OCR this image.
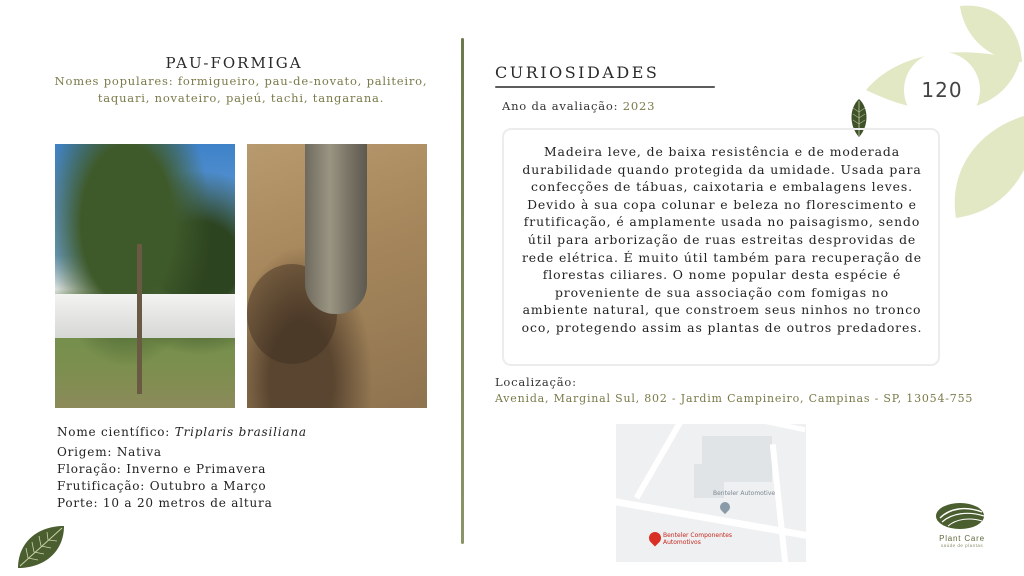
120
PAU-FORMIGA
Nomes populares: formigueiro, pau-de-novato, paliteiro, taquari, novateiro, pajeú, tachi, tangarana.
Nome científico: Triplaris brasiliana
Origem: Nativa
Floração: Inverno e Primavera
Frutificação: Outubro a Março
Porte: 10 a 20 metros de altura
CURIOSIDADES
Ano da avaliação: 2023
Madeira leve, de baixa resistência e de moderada durabilidade quando protegida da umidade. Usada para confecções de tábuas, caixotaria e embalagens leves. Devido à sua copa colunar e beleza no florescimento e frutificação, é amplamente usada no paisagismo, sendo útil para arborização de ruas estreitas desprovidas de rede elétrica. É muito útil também para recuperação de florestas ciliares. O nome popular desta espécie é proveniente de sua associação com fomigas no ambiente natural, que constroem seus ninhos no tronco oco, protegendo assim as plantas de outros predadores.
Localização:
Avenida, Marginal Sul, 802 - Jardim Campineiro, Campinas - SP, 13054-755
Benteler Automotive
Benteler Componentes Automotivos	Plant Care
saúde de plantas
